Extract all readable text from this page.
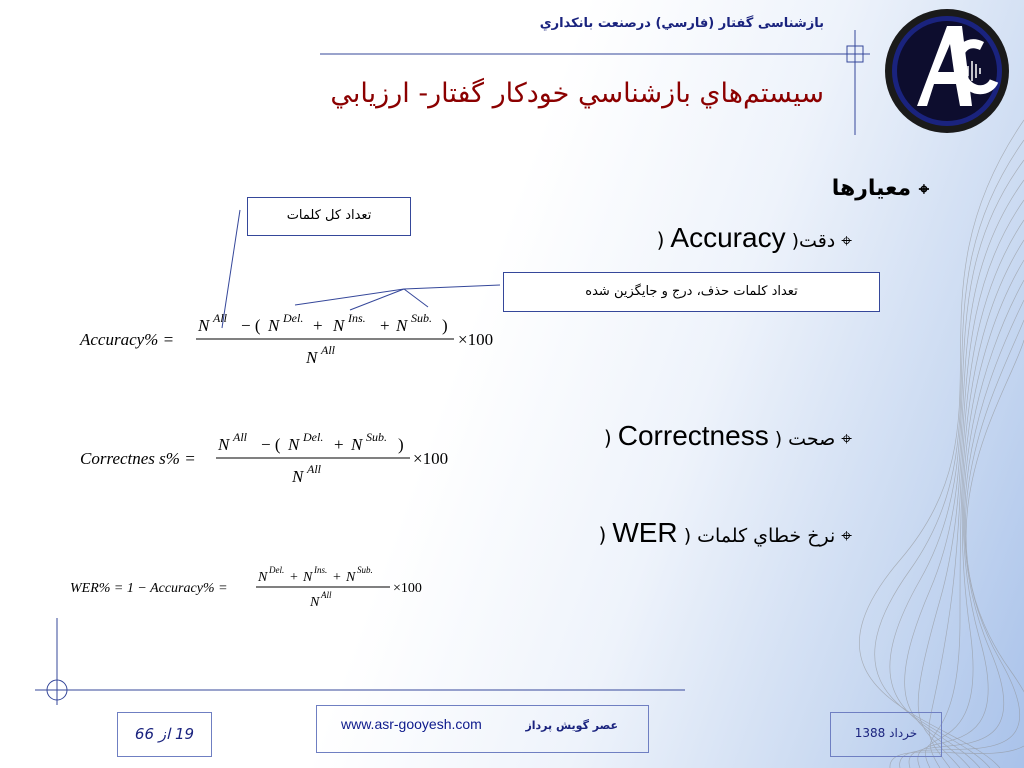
بازشناسی گفتار (فارسي) درصنعت بانکداري
سيستم‌هاي بازشناسي خودکار گفتار- ارزيابي
⌖ معيارها
) Accuracy دقت( ⌖
) Correctness صحت ( ⌖
) WER نرخ خطاي کلمات ( ⌖
تعداد کل کلمات
تعداد کلمات حذف، درج و جايگزين شده
Accuracy% =
N All − ( N Del. + N Ins. + N Sub. )
N All
×100
Correctnes s% =
N All − ( N Del. + N Sub. )
N All
×100
WER% = 1 − Accuracy% =
N Del. + N Ins. + N Sub.
N All	×100
19 از 66
www.asr-gooyesh.com	عصر گويش پرداز
خرداد 1388
